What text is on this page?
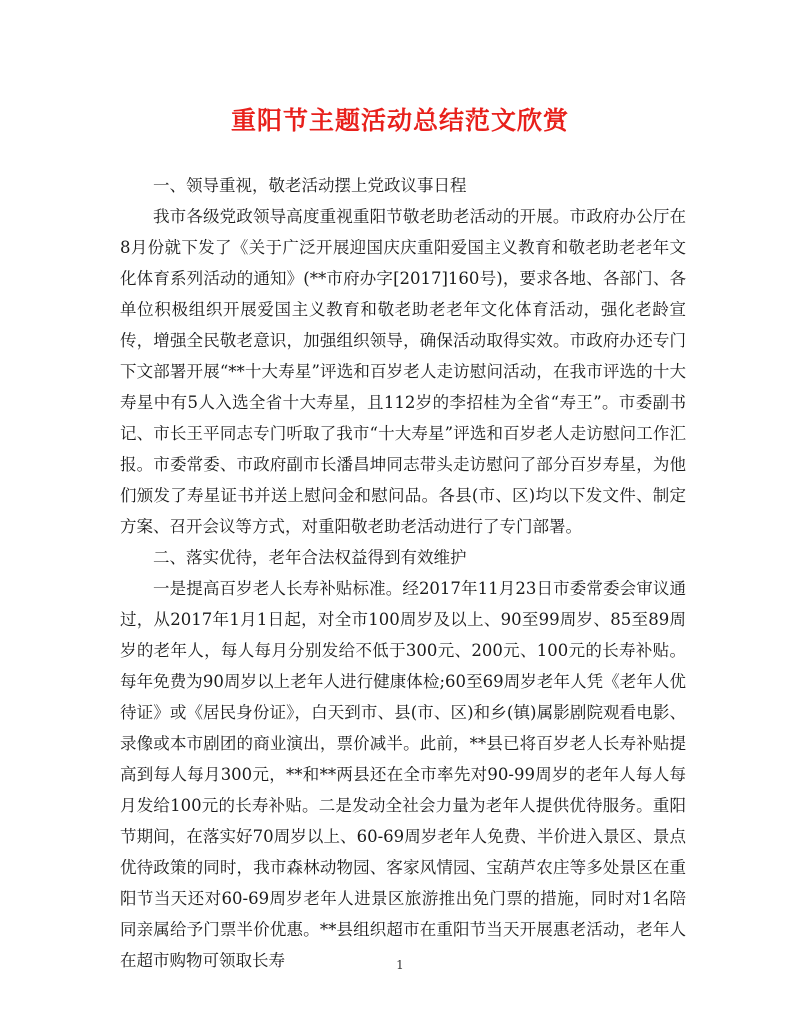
重阳节主题活动总结范文欣赏

一、领导重视，敬老活动摆上党政议事日程

我市各级党政领导高度重视重阳节敬老助老活动的开展。市政府办公厅在8月份就下发了《关于广泛开展迎国庆庆重阳爱国主义教育和敬老助老老年文化体育系列活动的通知》(**市府办字[2017]160号)，要求各地、各部门、各单位积极组织开展爱国主义教育和敬老助老老年文化体育活动，强化老龄宣传，增强全民敬老意识，加强组织领导，确保活动取得实效。市政府办还专门下文部署开展“**十大寿星”评选和百岁老人走访慰问活动，在我市评选的十大寿星中有5人入选全省十大寿星，且112岁的李招桂为全省“寿王”。市委副书记、市长王平同志专门听取了我市“十大寿星”评选和百岁老人走访慰问工作汇报。市委常委、市政府副市长潘昌坤同志带头走访慰问了部分百岁寿星，为他们颁发了寿星证书并送上慰问金和慰问品。各县(市、区)均以下发文件、制定方案、召开会议等方式，对重阳敬老助老活动进行了专门部署。

二、落实优待，老年合法权益得到有效维护

一是提高百岁老人长寿补贴标准。经2017年11月23日市委常委会审议通过，从2017年1月1日起，对全市100周岁及以上、90至99周岁、85至89周岁的老年人，每人每月分别发给不低于300元、200元、100元的长寿补贴。每年免费为90周岁以上老年人进行健康体检;60至69周岁老年人凭《老年人优待证》或《居民身份证》，白天到市、县(市、区)和乡(镇)属影剧院观看电影、录像或本市剧团的商业演出，票价减半。此前，**县已将百岁老人长寿补贴提高到每人每月300元，**和**两县还在全市率先对90-99周岁的老年人每人每月发给100元的长寿补贴。二是发动全社会力量为老年人提供优待服务。重阳节期间，在落实好70周岁以上、60-69周岁老年人免费、半价进入景区、景点优待政策的同时，我市森林动物园、客家风情园、宝葫芦农庄等多处景区在重阳节当天还对60-69周岁老年人进景区旅游推出免门票的措施，同时对1名陪同亲属给予门票半价优惠。**县组织超市在重阳节当天开展惠老活动，老年人在超市购物可领取长寿	1
